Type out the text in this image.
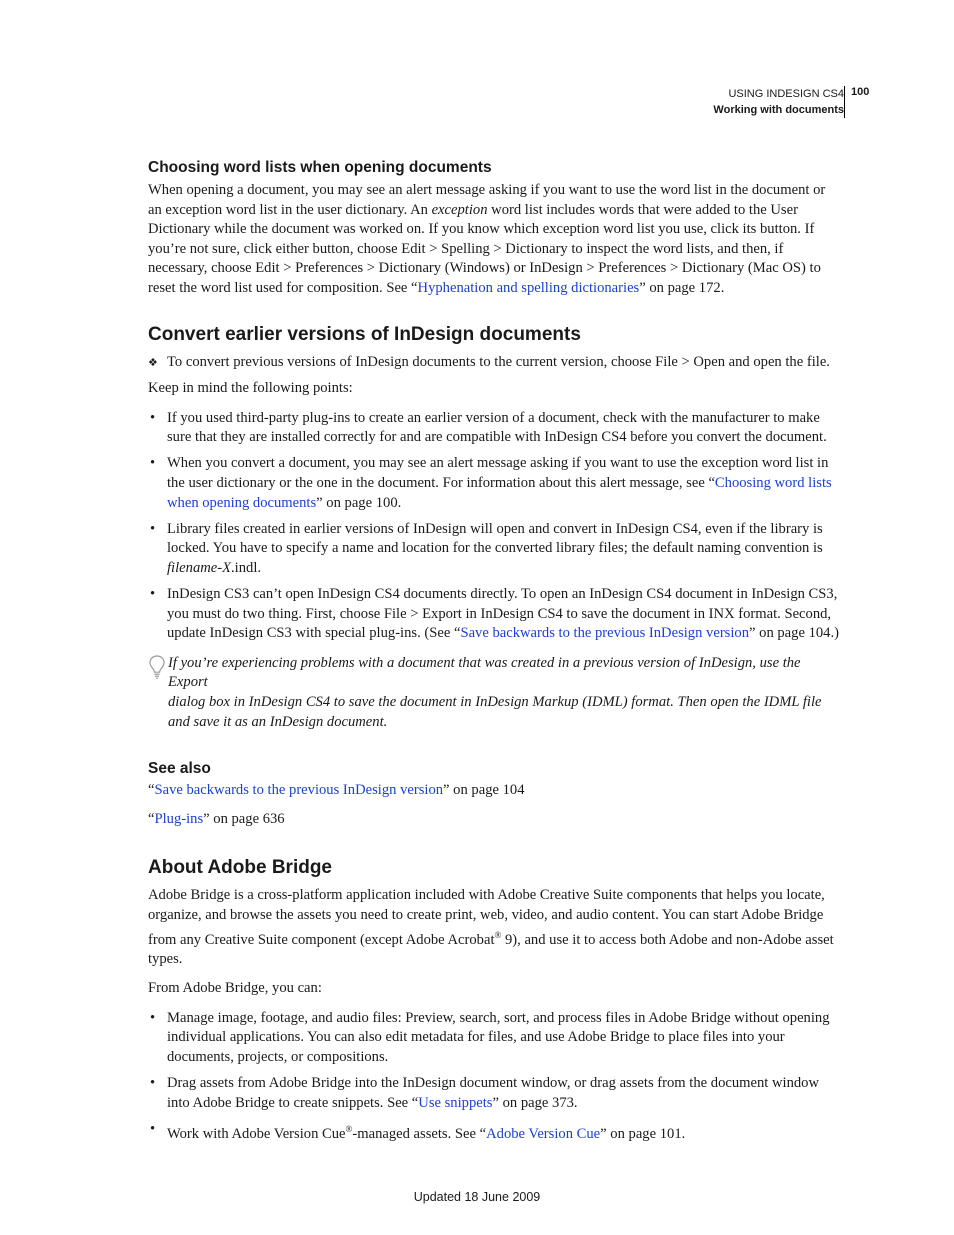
USING INDESIGN CS4
Working with documents
100
Choosing word lists when opening documents

When opening a document, you may see an alert message asking if you want to use the word list in the document or an exception word list in the user dictionary. An exception word list includes words that were added to the User Dictionary while the document was worked on. If you know which exception word list you use, click its button. If you’re not sure, click either button, choose Edit > Spelling > Dictionary to inspect the word lists, and then, if necessary, choose Edit > Preferences > Dictionary (Windows) or InDesign > Preferences > Dictionary (Mac OS) to reset the word list used for composition. See “Hyphenation and spelling dictionaries” on page 172.

Convert earlier versions of InDesign documents
❖ To convert previous versions of InDesign documents to the current version, choose File > Open and open the file.

Keep in mind the following points:

• If you used third-party plug-ins to create an earlier version of a document, check with the manufacturer to make sure that they are installed correctly for and are compatible with InDesign CS4 before you convert the document.
• When you convert a document, you may see an alert message asking if you want to use the exception word list in the user dictionary or the one in the document. For information about this alert message, see “Choosing word lists when opening documents” on page 100.
• Library files created in earlier versions of InDesign will open and convert in InDesign CS4, even if the library is locked. You have to specify a name and location for the converted library files; the default naming convention is filename-X.indl.
• InDesign CS3 can’t open InDesign CS4 documents directly. To open an InDesign CS4 document in InDesign CS3, you must do two thing. First, choose File > Export in InDesign CS4 to save the document in INX format. Second, update InDesign CS3 with special plug-ins. (See “Save backwards to the previous InDesign version” on page 104.)

If you’re experiencing problems with a document that was created in a previous version of InDesign, use the Export

dialog box in InDesign CS4 to save the document in InDesign Markup (IDML) format. Then open the IDML file and save it as an InDesign document.

See also

“Save backwards to the previous InDesign version” on page 104

“Plug-ins” on page 636

About Adobe Bridge

Adobe Bridge is a cross-platform application included with Adobe Creative Suite components that helps you locate, organize, and browse the assets you need to create print, web, video, and audio content. You can start Adobe Bridge from any Creative Suite component (except Adobe Acrobat® 9), and use it to access both Adobe and non-Adobe asset types.

From Adobe Bridge, you can:

• Manage image, footage, and audio files: Preview, search, sort, and process files in Adobe Bridge without opening individual applications. You can also edit metadata for files, and use Adobe Bridge to place files into your documents, projects, or compositions.
• Drag assets from Adobe Bridge into the InDesign document window, or drag assets from the document window into Adobe Bridge to create snippets. See “Use snippets” on page 373.
• Work with Adobe Version Cue®-managed assets. See “Adobe Version Cue” on page 101.
Updated 18 June 2009
